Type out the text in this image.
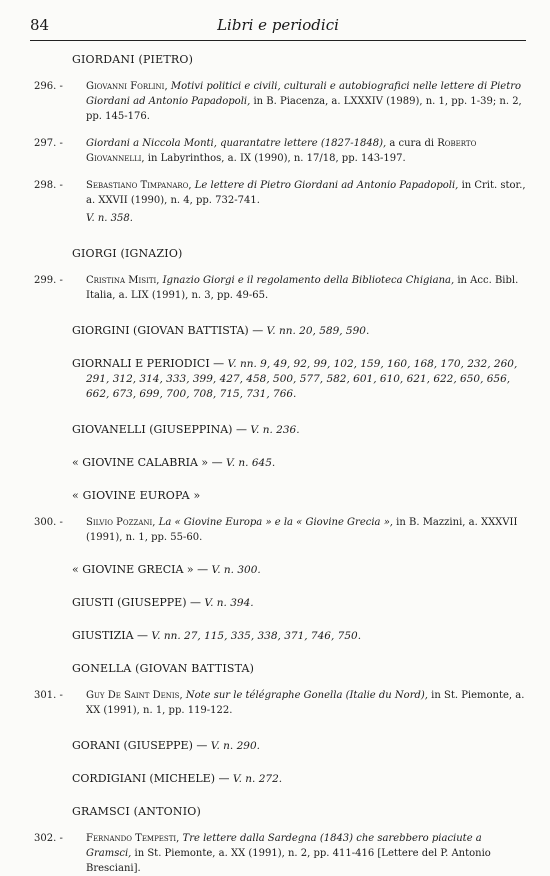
84	Libri e periodici
GIORDANI (PIETRO)
296. -	Giovanni Forlini, Motivi politici e civili, culturali e autobiografici nelle lettere di Pietro Giordani ad Antonio Papadopoli, in B. Piacenza, a. LXXXIV (1989), n. 1, pp. 1-39; n. 2, pp. 145-176.
297. -	Giordani a Niccola Monti, quarantatre lettere (1827-1848), a cura di Roberto Giovannelli, in Labyrinthos, a. IX (1990), n. 17/18, pp. 143-197.
298. -	Sebastiano Timpanaro, Le lettere di Pietro Giordani ad Antonio Papadopoli, in Crit. stor., a. XXVII (1990), n. 4, pp. 732-741.
V. n. 358.
GIORGI (IGNAZIO)
299. -	Cristina Misiti, Ignazio Giorgi e il regolamento della Biblioteca Chigiana, in Acc. Bibl. Italia, a. LIX (1991), n. 3, pp. 49-65.
GIORGINI (GIOVAN BATTISTA) — V. nn. 20, 589, 590.
GIORNALI E PERIODICI — V. nn. 9, 49, 92, 99, 102, 159, 160, 168, 170, 232, 260, 291, 312, 314, 333, 399, 427, 458, 500, 577, 582, 601, 610, 621, 622, 650, 656, 662, 673, 699, 700, 708, 715, 731, 766.
GIOVANELLI (GIUSEPPINA) — V. n. 236.
« GIOVINE CALABRIA » — V. n. 645.
« GIOVINE EUROPA »
300. -	Silvio Pozzani, La « Giovine Europa » e la « Giovine Grecia », in B. Mazzini, a. XXXVII (1991), n. 1, pp. 55-60.
« GIOVINE GRECIA » — V. n. 300.
GIUSTI (GIUSEPPE) — V. n. 394.
GIUSTIZIA — V. nn. 27, 115, 335, 338, 371, 746, 750.
GONELLA (GIOVAN BATTISTA)
301. -	Guy De Saint Denis, Note sur le télégraphe Gonella (Italie du Nord), in St. Piemonte, a. XX (1991), n. 1, pp. 119-122.
GORANI (GIUSEPPE) — V. n. 290.
CORDIGIANI (MICHELE) — V. n. 272.
GRAMSCI (ANTONIO)
302. -	Fernando Tempesti, Tre lettere dalla Sardegna (1843) che sarebbero piaciute a Gramsci, in St. Piemonte, a. XX (1991), n. 2, pp. 411-416 [Lettere del P. Antonio Bresciani].
